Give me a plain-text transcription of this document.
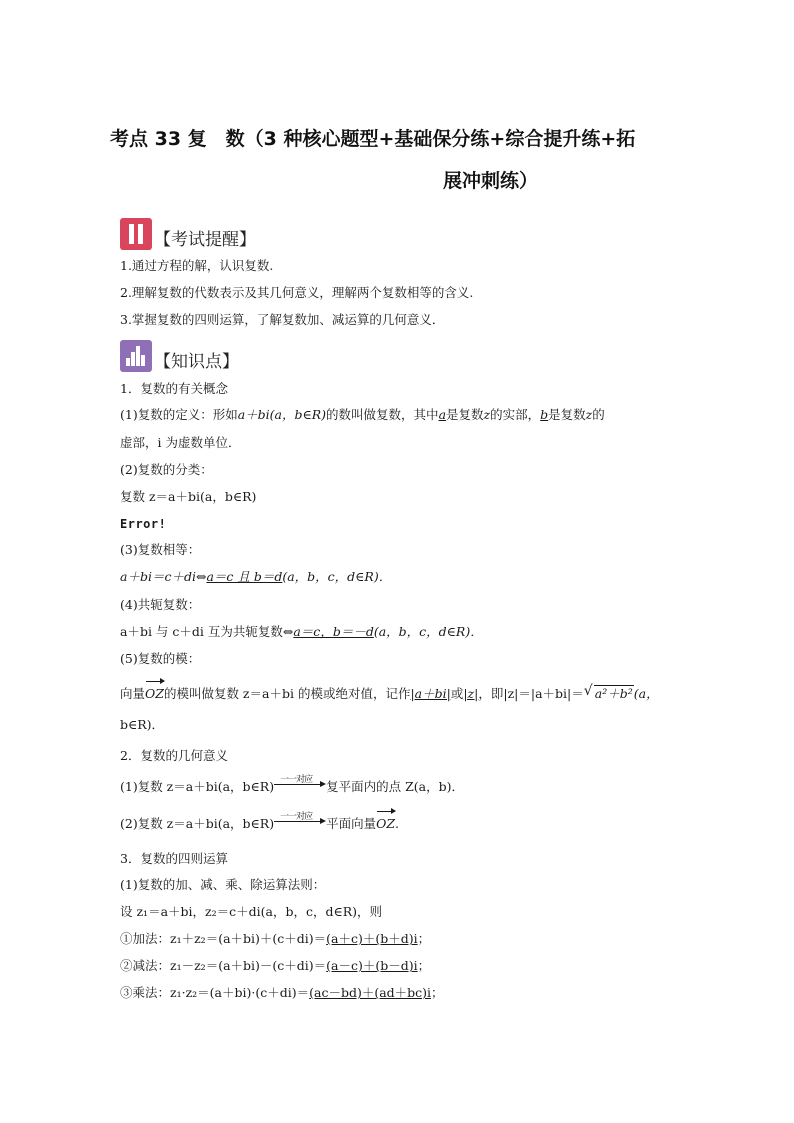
考点 33 复　数（3 种核心题型+基础保分练+综合提升练+拓
展冲刺练）
【考试提醒】
1.通过方程的解，认识复数.
2.理解复数的代数表示及其几何意义，理解两个复数相等的含义.
3.掌握复数的四则运算，了解复数加、减运算的几何意义．
【知识点】
1．复数的有关概念
(1)复数的定义：形如a＋bi(a，b∈R)的数叫做复数，其中a是复数z的实部，b是复数z的
虚部，i 为虚数单位．
(2)复数的分类：
复数 z＝a＋bi(a，b∈R)
Error!
(3)复数相等：
a＋bi＝c＋di⇔a＝c 且 b＝d(a，b，c，d∈R)．
(4)共轭复数：
a＋bi 与 c＋di 互为共轭复数⇔a＝c，b＝－d(a，b，c，d∈R)．
(5)复数的模：
向量OZ的模叫做复数 z＝a＋bi 的模或绝对值，记作|a＋bi|或|z|，即|z|＝|a＋bi|＝ √ a²＋b²(a，
b∈R)．
2．复数的几何意义
(1)复数 z＝a＋bi(a，b∈R) 一一对应 复平面内的点 Z(a，b)．
(2)复数 z＝a＋bi(a，b∈R) 一一对应 平面向量OZ.
3．复数的四则运算
(1)复数的加、减、乘、除运算法则：
设 z₁＝a＋bi，z₂＝c＋di(a，b，c，d∈R)，则
①加法：z₁＋z₂＝(a＋bi)＋(c＋di)＝(a＋c)＋(b＋d)i；
②减法：z₁－z₂＝(a＋bi)－(c＋di)＝(a－c)＋(b－d)i；
③乘法：z₁·z₂＝(a＋bi)·(c＋di)＝(ac－bd)＋(ad＋bc)i；
